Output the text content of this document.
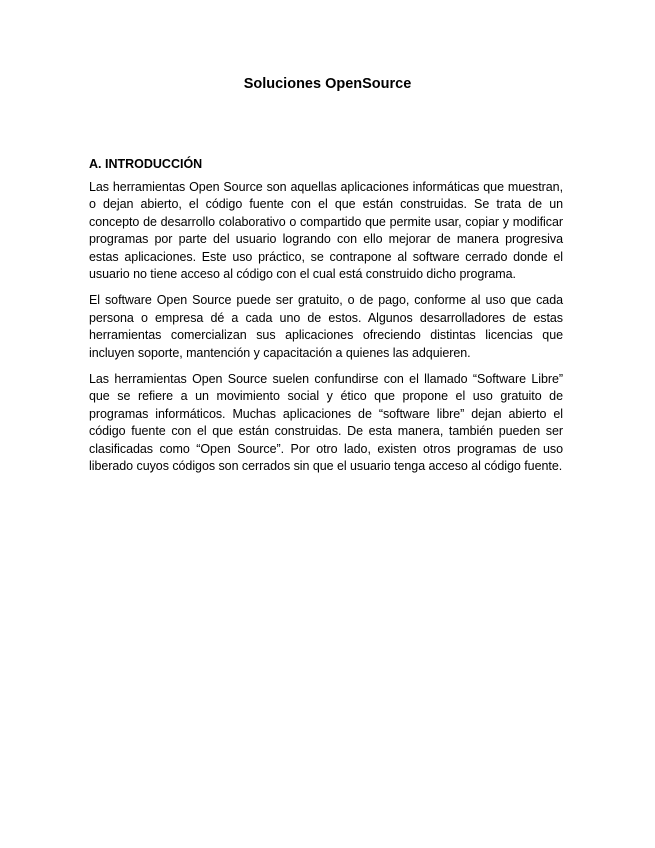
Soluciones OpenSource
A. INTRODUCCIÓN

Las herramientas Open Source son aquellas aplicaciones informáticas que muestran, o dejan abierto, el código fuente con el que están construidas. Se trata de un concepto de desarrollo colaborativo o compartido que permite usar, copiar y modificar programas por parte del usuario logrando con ello mejorar de manera progresiva estas aplicaciones. Este uso práctico, se contrapone al software cerrado donde el usuario no tiene acceso al código con el cual está construido dicho programa.

El software Open Source puede ser gratuito, o de pago, conforme al uso que cada persona o empresa dé a cada uno de estos. Algunos desarrolladores de estas herramientas comercializan sus aplicaciones ofreciendo distintas licencias que incluyen soporte, mantención y capacitación a quienes las adquieren.

Las herramientas Open Source suelen confundirse con el llamado “Software Libre” que se refiere a un movimiento social y ético que propone el uso gratuito de programas informáticos. Muchas aplicaciones de “software libre” dejan abierto el código fuente con el que están construidas. De esta manera, también pueden ser clasificadas como “Open Source”. Por otro lado, existen otros programas de uso liberado cuyos códigos son cerrados sin que el usuario tenga acceso al código fuente.
